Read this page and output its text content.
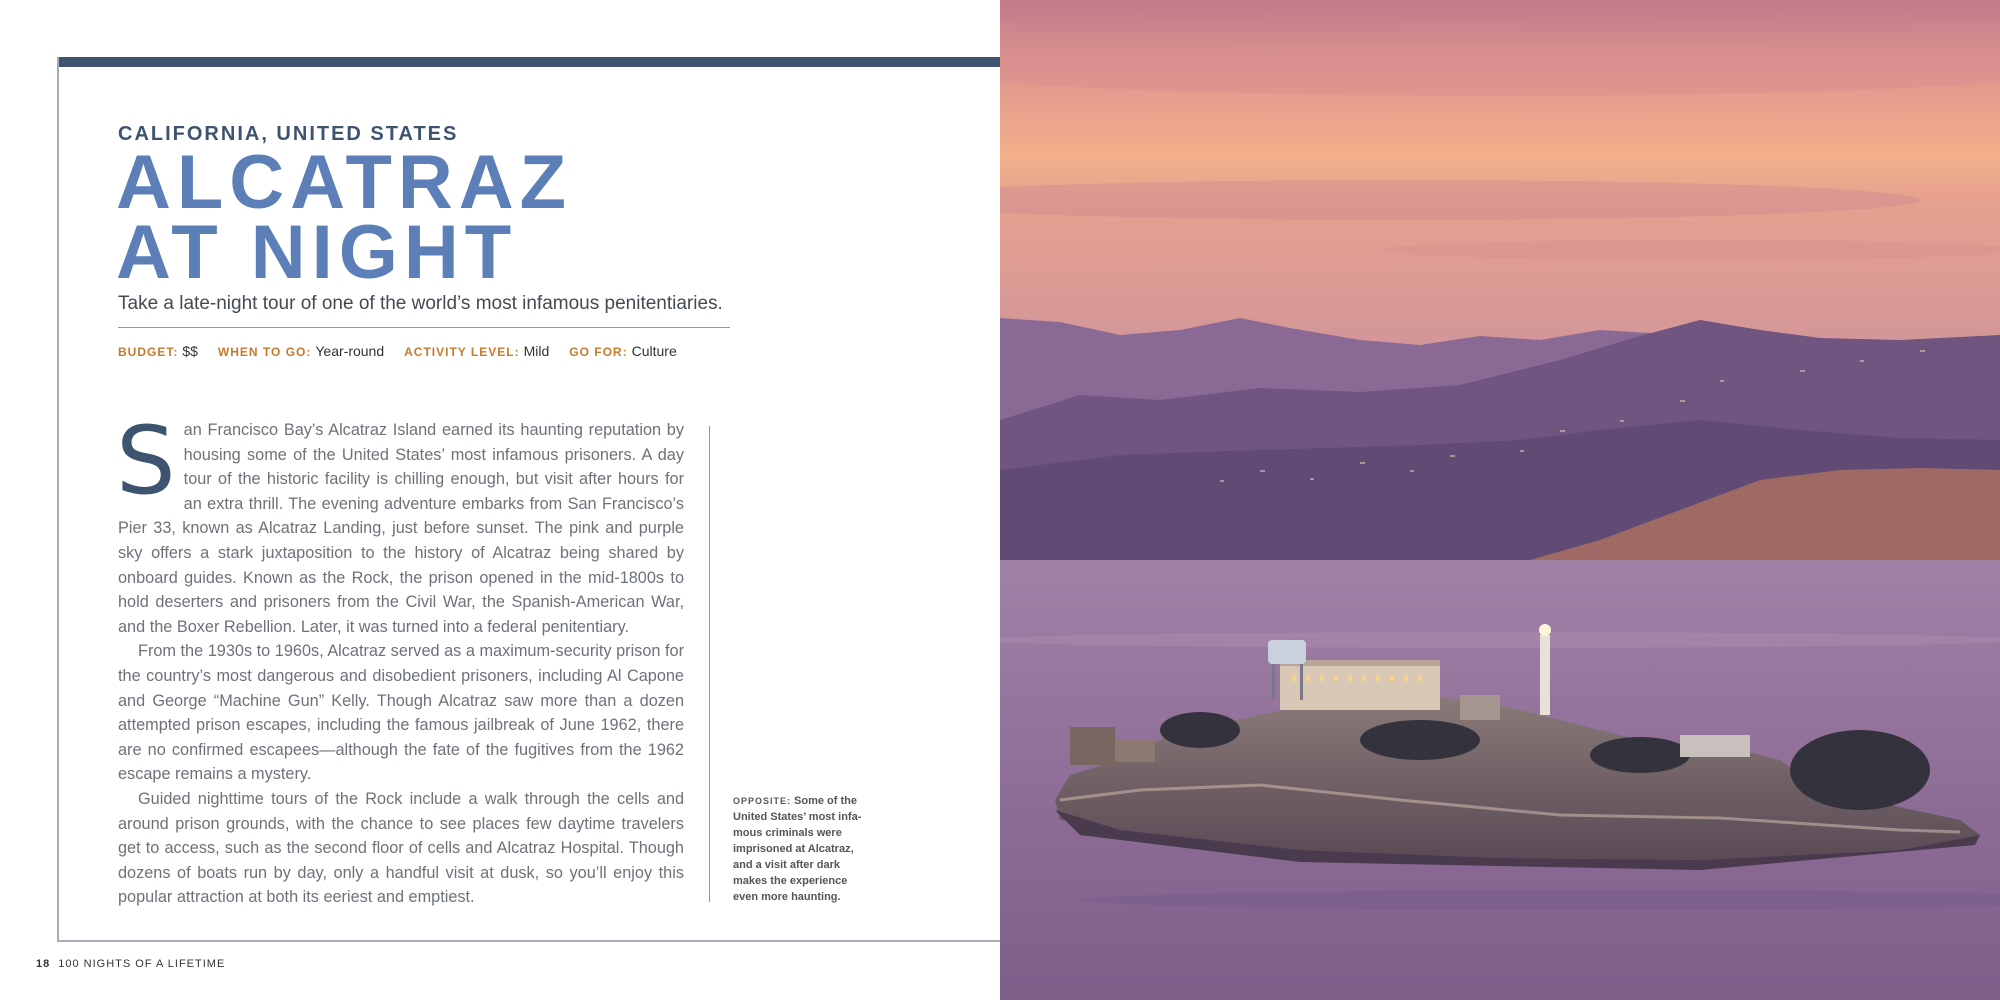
CALIFORNIA, UNITED STATES
ALCATRAZ
AT NIGHT
Take a late-night tour of one of the world’s most infamous penitentiaries.
BUDGET: $$ WHEN TO GO: Year-round ACTIVITY LEVEL: Mild GO FOR: Culture

San Francisco Bay’s Alcatraz Island earned its haunting reputation by housing some of the United States’ most infamous prisoners. A day tour of the historic facility is chilling enough, but visit after hours for an extra thrill. The evening adventure embarks from San Francisco’s Pier 33, known as Alcatraz Landing, just before sunset. The pink and purple sky offers a stark juxtaposition to the history of Alcatraz being shared by onboard guides. Known as the Rock, the prison opened in the mid-1800s to hold deserters and prisoners from the Civil War, the Spanish-American War, and the Boxer Rebellion. Later, it was turned into a federal penitentiary.

From the 1930s to 1960s, Alcatraz served as a maximum-security prison for the country’s most dangerous and disobedient prisoners, including Al Capone and George “Machine Gun” Kelly. Though Alcatraz saw more than a dozen attempted prison escapes, including the famous jailbreak of June 1962, there are no confirmed escapees—although the fate of the fugitives from the 1962 escape remains a mystery.

Guided nighttime tours of the Rock include a walk through the cells and around prison grounds, with the chance to see places few daytime travelers get to access, such as the second floor of cells and Alcatraz Hospital. Though dozens of boats run by day, only a handful visit at dusk, so you’ll enjoy this popular attraction at both its eeriest and emptiest.

OPPOSITE: Some of the United States’ most infa-mous criminals were imprisoned at Alcatraz, and a visit after dark makes the experience even more haunting.
18 100 NIGHTS OF A LIFETIME
